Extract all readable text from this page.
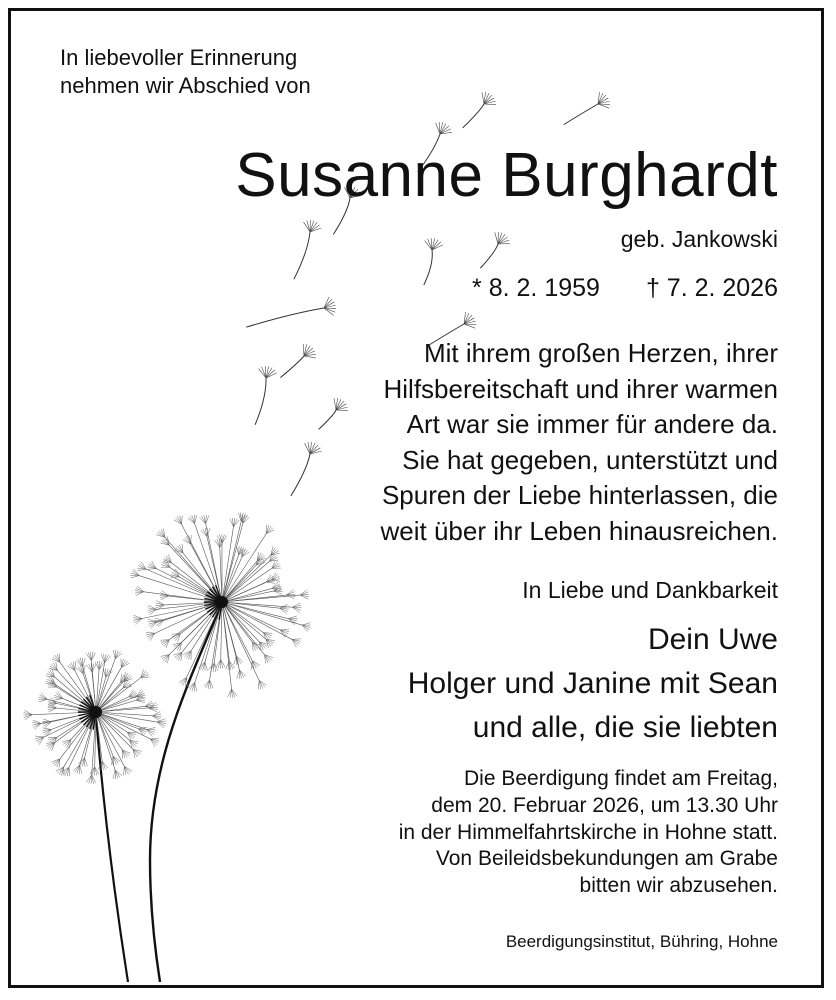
In liebevoller Erinnerung
nehmen wir Abschied von
Susanne Burghardt
geb. Jankowski
* 8. 2. 1959 † 7. 2. 2026
Mit ihrem großen Herzen, ihrer
Hilfsbereitschaft und ihrer warmen
Art war sie immer für andere da.
Sie hat gegeben, unterstützt und
Spuren der Liebe hinterlassen, die
weit über ihr Leben hinausreichen.
In Liebe und Dankbarkeit
Dein Uwe
Holger und Janine mit Sean
und alle, die sie liebten
Die Beerdigung findet am Freitag,
dem 20. Februar 2026, um 13.30 Uhr
in der Himmelfahrtskirche in Hohne statt.
Von Beileidsbekundungen am Grabe
bitten wir abzusehen.
Beerdigungsinstitut, Bühring, Hohne
